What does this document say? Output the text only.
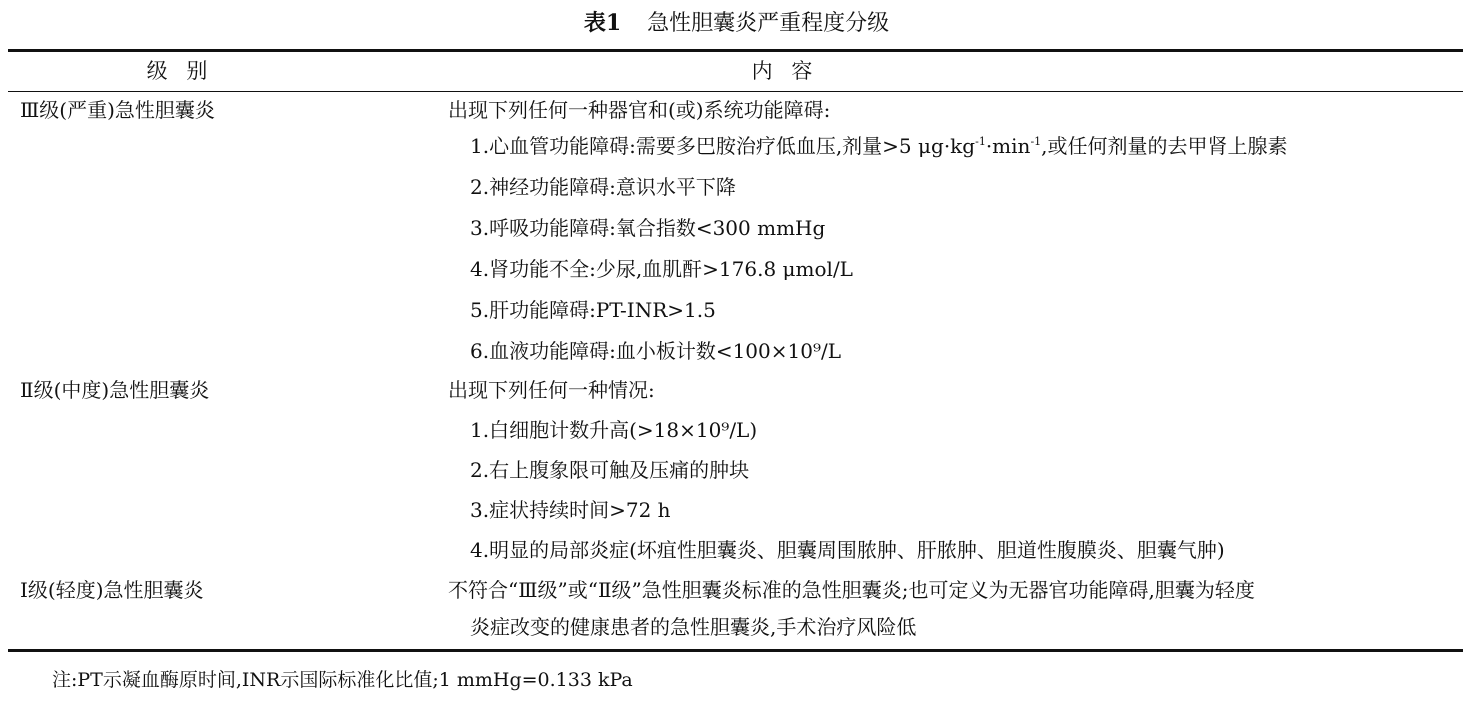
表1 急性胆囊炎严重程度分级
级 别	内 容
Ⅲ级(严重)急性胆囊炎	出现下列任何一种器官和(或)系统功能障碍:
1.心血管功能障碍:需要多巴胺治疗低血压,剂量>5 $\mu g\cdot kg^{-1}\cdot\min^{-1}$,或任何剂量的去甲肾上腺素
2.神经功能障碍:意识水平下降
3.呼吸功能障碍:氧合指数<300 mmHg
4.肾功能不全:少尿,血肌酐>176.8 μmol/L
5.肝功能障碍:PT-INR>1.5
6.血液功能障碍:血小板计数<100×10⁹/L
Ⅱ级(中度)急性胆囊炎	出现下列任何一种情况:
1.白细胞计数升高(>18×10⁹/L)
2.右上腹象限可触及压痛的肿块
3.症状持续时间>72 h
4.明显的局部炎症(坏疽性胆囊炎、胆囊周围脓肿、肝脓肿、胆道性腹膜炎、胆囊气肿)
Ⅰ级(轻度)急性胆囊炎	不符合“Ⅲ级”或“Ⅱ级”急性胆囊炎标准的急性胆囊炎;也可定义为无器官功能障碍,胆囊为轻度
炎症改变的健康患者的急性胆囊炎,手术治疗风险低
注:PT示凝血酶原时间,INR示国际标准化比值;1 mmHg=0.133 kPa
